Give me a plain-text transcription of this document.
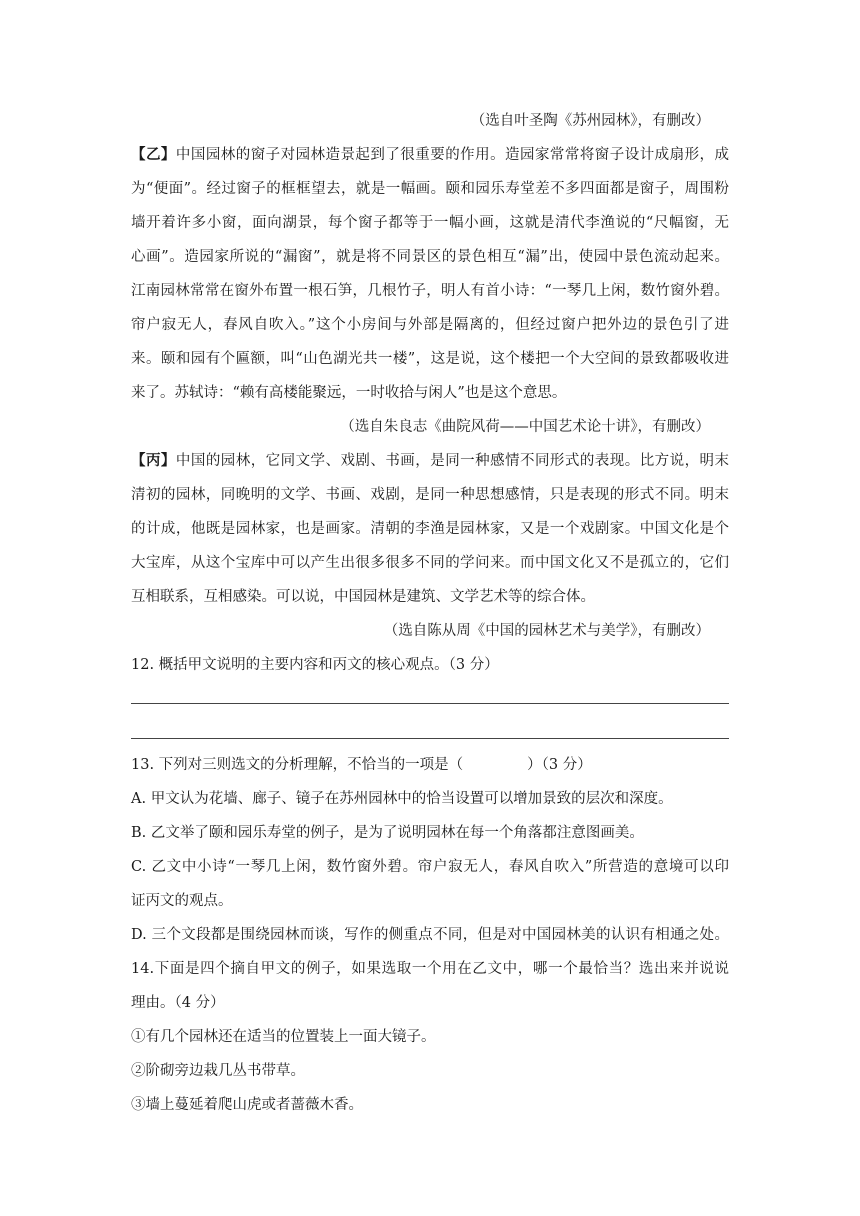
（选自叶圣陶《苏州园林》，有删改）
【乙】中国园林的窗子对园林造景起到了很重要的作用。造园家常常将窗子设计成扇形，成
为“便面”。经过窗子的框框望去，就是一幅画。颐和园乐寿堂差不多四面都是窗子，周围粉
墙开着许多小窗，面向湖景，每个窗子都等于一幅小画，这就是清代李渔说的“尺幅窗，无
心画”。造园家所说的“漏窗”，就是将不同景区的景色相互“漏”出，使园中景色流动起来。
江南园林常常在窗外布置一根石笋，几根竹子，明人有首小诗：“一琴几上闲，数竹窗外碧。
帘户寂无人，春风自吹入。”这个小房间与外部是隔离的，但经过窗户把外边的景色引了进
来。颐和园有个匾额，叫“山色湖光共一楼”，这是说，这个楼把一个大空间的景致都吸收进
来了。苏轼诗：“赖有高楼能聚远，一时收拾与闲人”也是这个意思。
（选自朱良志《曲院风荷——中国艺术论十讲》，有删改）
【丙】中国的园林，它同文学、戏剧、书画，是同一种感情不同形式的表现。比方说，明末
清初的园林，同晚明的文学、书画、戏剧，是同一种思想感情，只是表现的形式不同。明末
的计成，他既是园林家，也是画家。清朝的李渔是园林家，又是一个戏剧家。中国文化是个
大宝库，从这个宝库中可以产生出很多很多不同的学问来。而中国文化又不是孤立的，它们
互相联系，互相感染。可以说，中国园林是建筑、文学艺术等的综合体。
（选自陈从周《中国的园林艺术与美学》，有删改）
12. 概括甲文说明的主要内容和丙文的核心观点。（3 分）
13. 下列对三则选文的分析理解，不恰当的一项是（	）（3 分）
A. 甲文认为花墙、廊子、镜子在苏州园林中的恰当设置可以增加景致的层次和深度。
B. 乙文举了颐和园乐寿堂的例子，是为了说明园林在每一个角落都注意图画美。
C. 乙文中小诗“一琴几上闲，数竹窗外碧。帘户寂无人，春风自吹入”所营造的意境可以印
证丙文的观点。
D. 三个文段都是围绕园林而谈，写作的侧重点不同，但是对中国园林美的认识有相通之处。
14.下面是四个摘自甲文的例子，如果选取一个用在乙文中，哪一个最恰当？选出来并说说
理由。（4 分）
①有几个园林还在适当的位置装上一面大镜子。
②阶砌旁边栽几丛书带草。
③墙上蔓延着爬山虎或者蔷薇木香。
